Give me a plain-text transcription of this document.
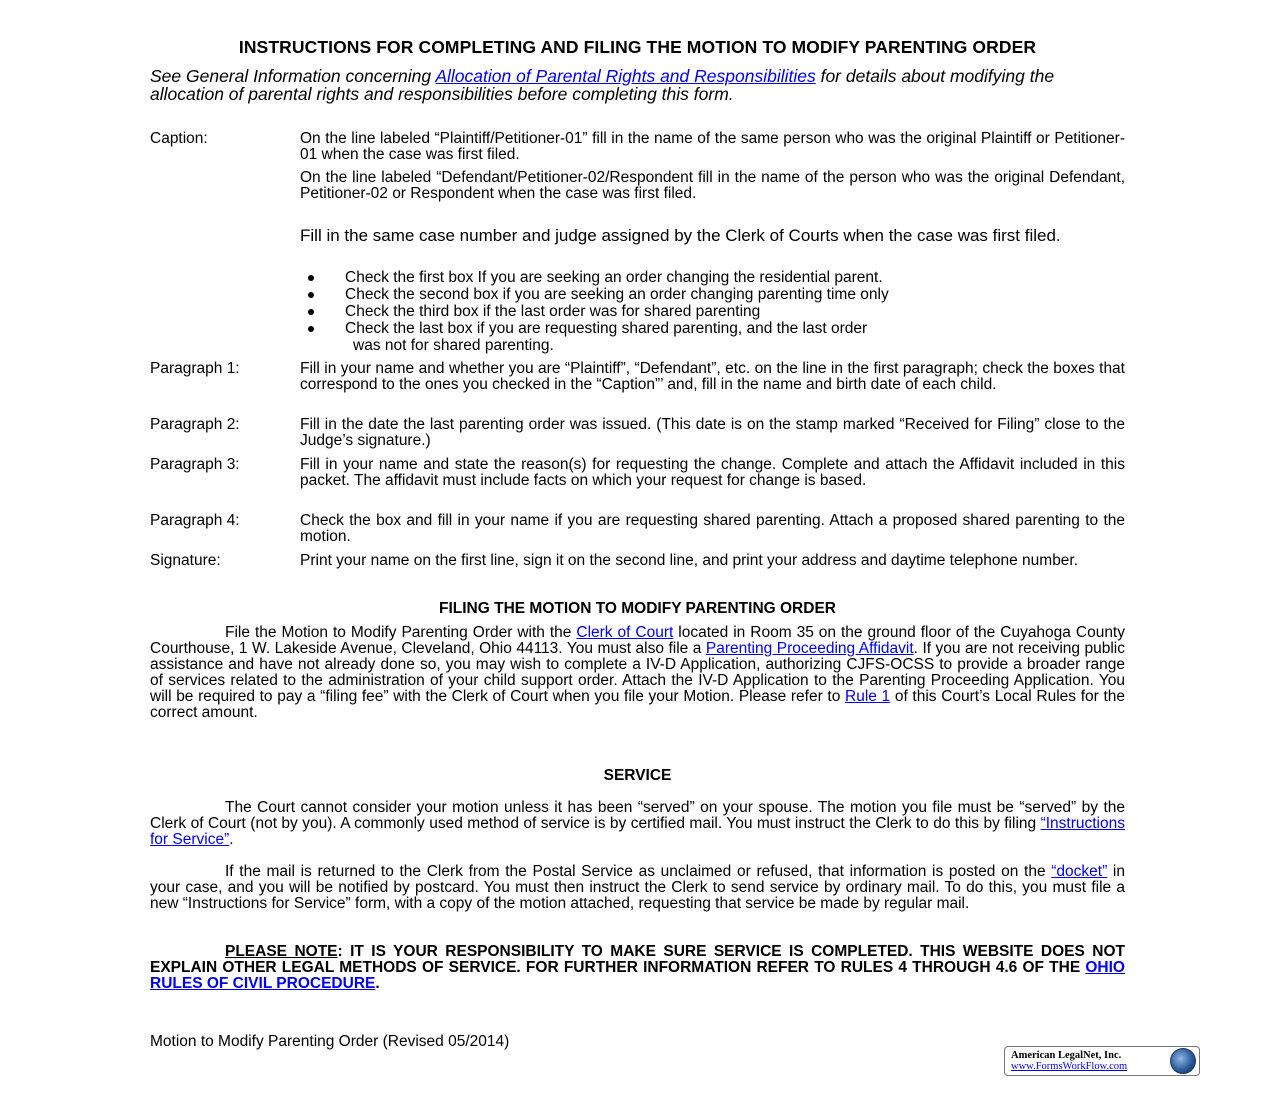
INSTRUCTIONS FOR COMPLETING AND FILING THE MOTION TO MODIFY PARENTING ORDER
See General Information concerning Allocation of Parental Rights and Responsibilities for details about modifying the allocation of parental rights and responsibilities before completing this form.
Caption:	On the line labeled “Plaintiff/Petitioner-01” fill in the name of the same person who was the original Plaintiff or Petitioner-01 when the case was first filed.
On the line labeled “Defendant/Petitioner-02/Respondent fill in the name of the person who was the original Defendant, Petitioner-02 or Respondent when the case was first filed.
Fill in the same case number and judge assigned by the Clerk of Courts when the case was first filed.
Check the first box If you are seeking an order changing the residential parent.
Check the second box if you are seeking an order changing parenting time only
Check the third box if the last order was for shared parenting
Check the last box if you are requesting shared parenting, and the last order
was not for shared parenting.
Paragraph 1:	Fill in your name and whether you are “Plaintiff”, “Defendant”, etc. on the line in the first paragraph; check the boxes that correspond to the ones you checked in the “Caption”’ and, fill in the name and birth date of each child.
Paragraph 2:	Fill in the date the last parenting order was issued. (This date is on the stamp marked “Received for Filing” close to the Judge’s signature.)
Paragraph 3:	Fill in your name and state the reason(s) for requesting the change. Complete and attach the Affidavit included in this packet. The affidavit must include facts on which your request for change is based.
Paragraph 4:	Check the box and fill in your name if you are requesting shared parenting. Attach a proposed shared parenting to the motion.
Signature:	Print your name on the first line, sign it on the second line, and print your address and daytime telephone number.
FILING THE MOTION TO MODIFY PARENTING ORDER
File the Motion to Modify Parenting Order with the Clerk of Court located in Room 35 on the ground floor of the Cuyahoga County Courthouse, 1 W. Lakeside Avenue, Cleveland, Ohio 44113. You must also file a Parenting Proceeding Affidavit. If you are not receiving public assistance and have not already done so, you may wish to complete a IV-D Application, authorizing CJFS-OCSS to provide a broader range of services related to the administration of your child support order. Attach the IV-D Application to the Parenting Proceeding Application. You will be required to pay a “filing fee” with the Clerk of Court when you file your Motion. Please refer to Rule 1 of this Court’s Local Rules for the correct amount.
SERVICE
The Court cannot consider your motion unless it has been “served” on your spouse. The motion you file must be “served” by the Clerk of Court (not by you). A commonly used method of service is by certified mail. You must instruct the Clerk to do this by filing “Instructions for Service”.
If the mail is returned to the Clerk from the Postal Service as unclaimed or refused, that information is posted on the “docket” in your case, and you will be notified by postcard. You must then instruct the Clerk to send service by ordinary mail. To do this, you must file a new “Instructions for Service” form, with a copy of the motion attached, requesting that service be made by regular mail.
PLEASE NOTE: IT IS YOUR RESPONSIBILITY TO MAKE SURE SERVICE IS COMPLETED. THIS WEBSITE DOES NOT EXPLAIN OTHER LEGAL METHODS OF SERVICE. FOR FURTHER INFORMATION REFER TO RULES 4 THROUGH 4.6 OF THE OHIO RULES OF CIVIL PROCEDURE.
Motion to Modify Parenting Order (Revised 05/2014)
American LegalNet, Inc.
www.FormsWorkFlow.com
